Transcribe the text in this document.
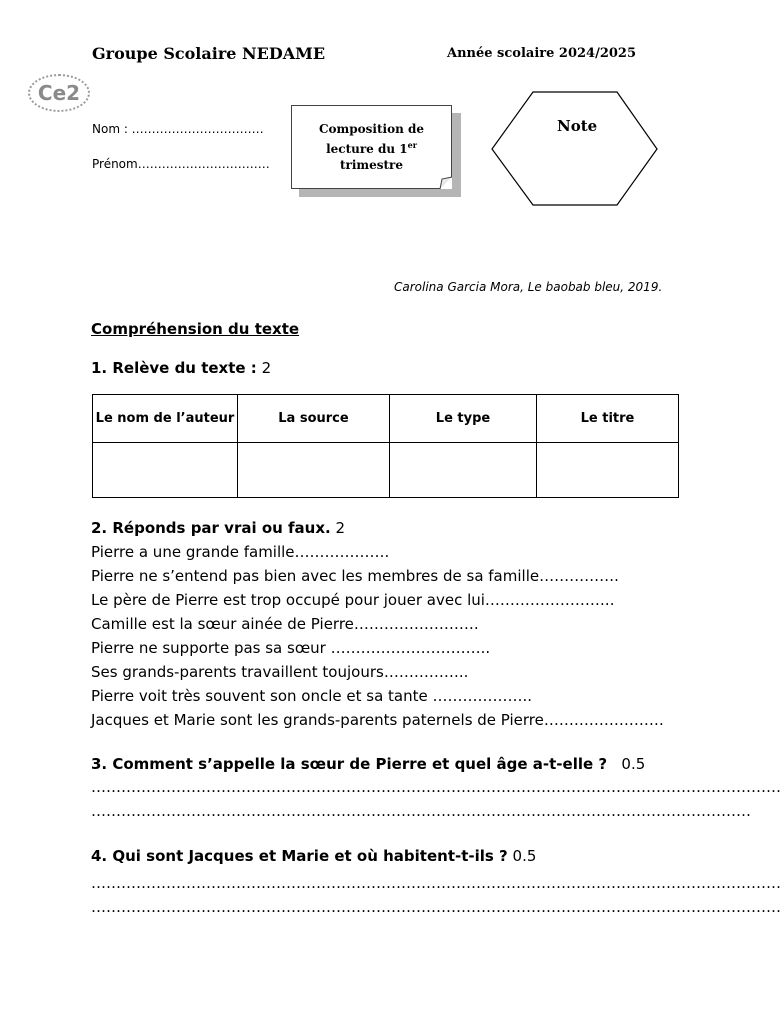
Groupe Scolaire NEDAME	Année scolaire 2024/2025
Ce2
Nom : ……………………………
Prénom……………………………
Composition de
lecture du 1er
trimestre
Note
Carolina Garcia Mora, Le baobab bleu, 2019.
Compréhension du texte
1. Relève du texte : 2
Le nom de l’auteur	La source	Le type	Le titre

2. Réponds par vrai ou faux. 2
Pierre a une grande famille……………….
Pierre ne s’entend pas bien avec les membres de sa famille…………….
Le père de Pierre est trop occupé pour jouer avec lui……………………..
Camille est la sœur ainée de Pierre…………………….
Pierre ne supporte pas sa sœur …………………………..
Ses grands-parents travaillent toujours……………..
Pierre voit très souvent son oncle et sa tante ………………..
Jacques et Marie sont les grands-parents paternels de Pierre……………………
3. Comment s’appelle la sœur de Pierre et quel âge a-t-elle ? 0.5
…………………………………………………………………………………………………………………………
……………………………………………………………………………………………………………………
4. Qui sont Jacques et Marie et où habitent-t-ils ? 0.5
…………………………………………………………………………………………………………………………
…………………………………………………………………………………………………………………………
